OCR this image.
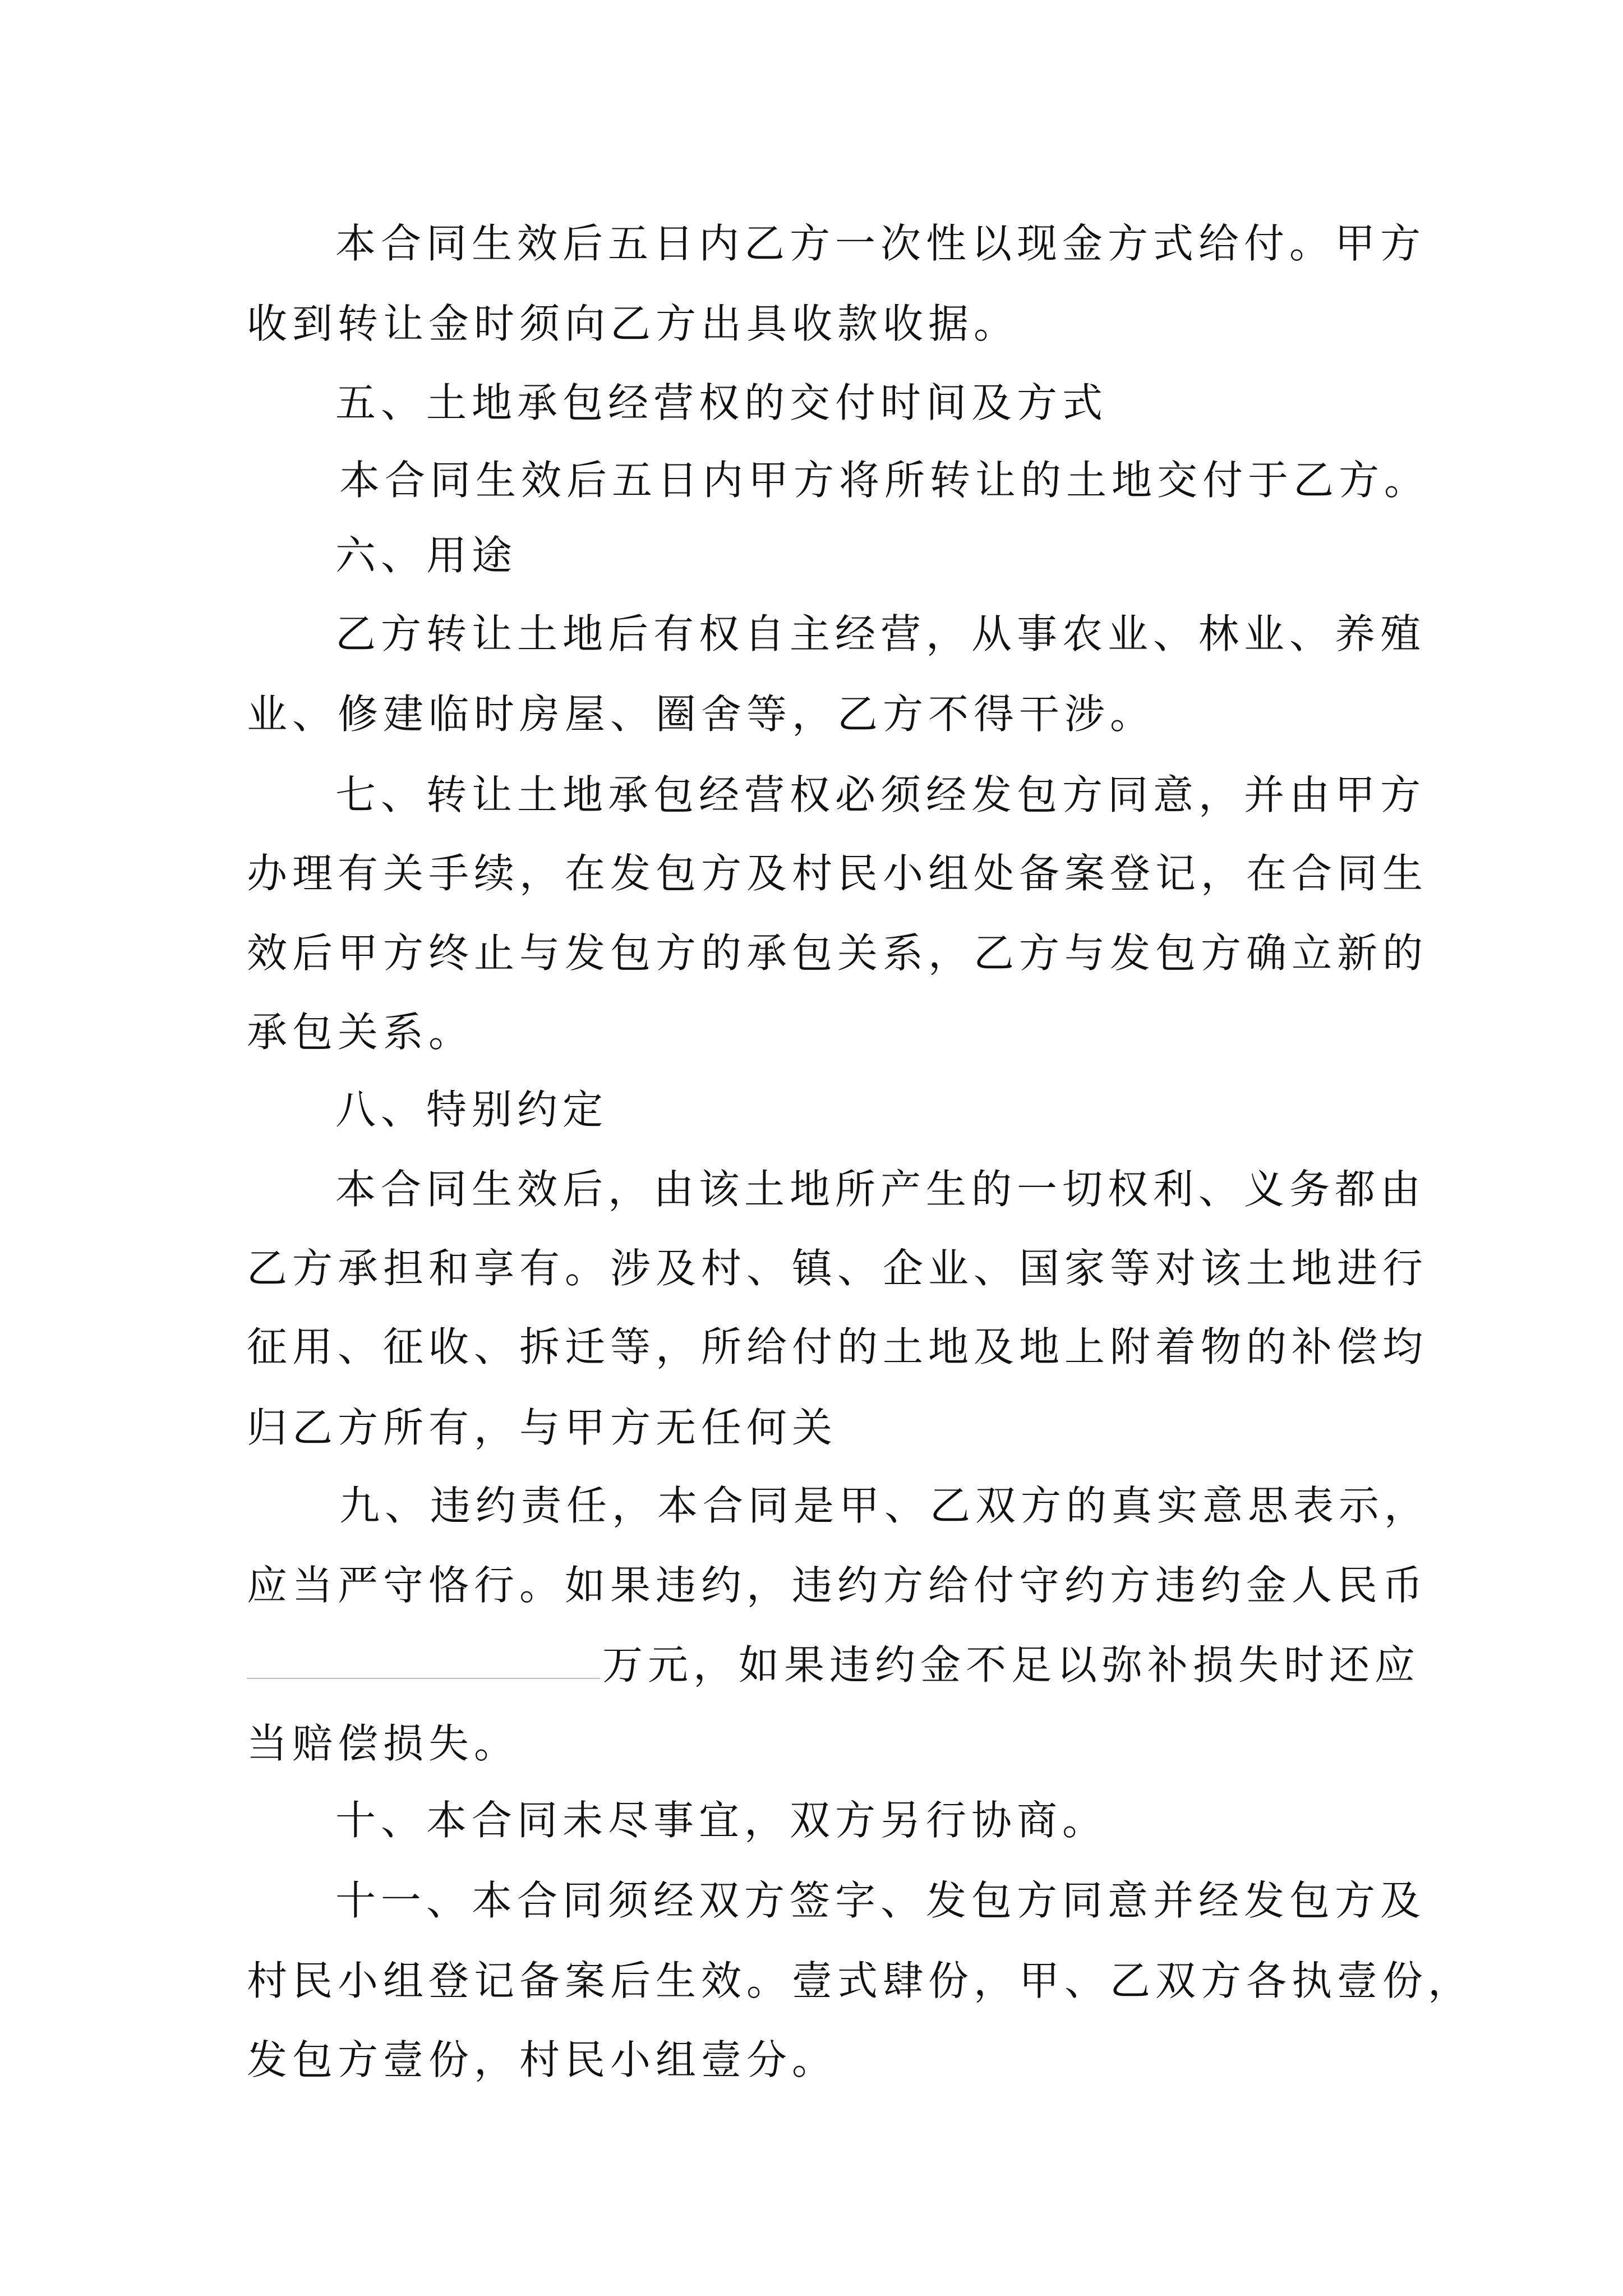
本合同生效后五日内乙方一次性以现金方式给付。甲方
收到转让金时须向乙方出具收款收据。
五、土地承包经营权的交付时间及方式
本合同生效后五日内甲方将所转让的土地交付于乙方。
六、用途
乙方转让土地后有权自主经营，从事农业、林业、养殖
业、修建临时房屋、圈舍等，乙方不得干涉。
七、转让土地承包经营权必须经发包方同意，并由甲方
办理有关手续，在发包方及村民小组处备案登记，在合同生
效后甲方终止与发包方的承包关系，乙方与发包方确立新的
承包关系。
八、特别约定
本合同生效后，由该土地所产生的一切权利、义务都由
乙方承担和享有。涉及村、镇、企业、国家等对该土地进行
征用、征收、拆迁等，所给付的土地及地上附着物的补偿均
归乙方所有，与甲方无任何关
九、违约责任，本合同是甲、乙双方的真实意思表示，
应当严守恪行。如果违约，违约方给付守约方违约金人民币
万元，如果违约金不足以弥补损失时还应
当赔偿损失。
十、本合同未尽事宜，双方另行协商。
十一、本合同须经双方签字、发包方同意并经发包方及
村民小组登记备案后生效。壹式肆份，甲、乙双方各执壹份，
发包方壹份，村民小组壹分。
